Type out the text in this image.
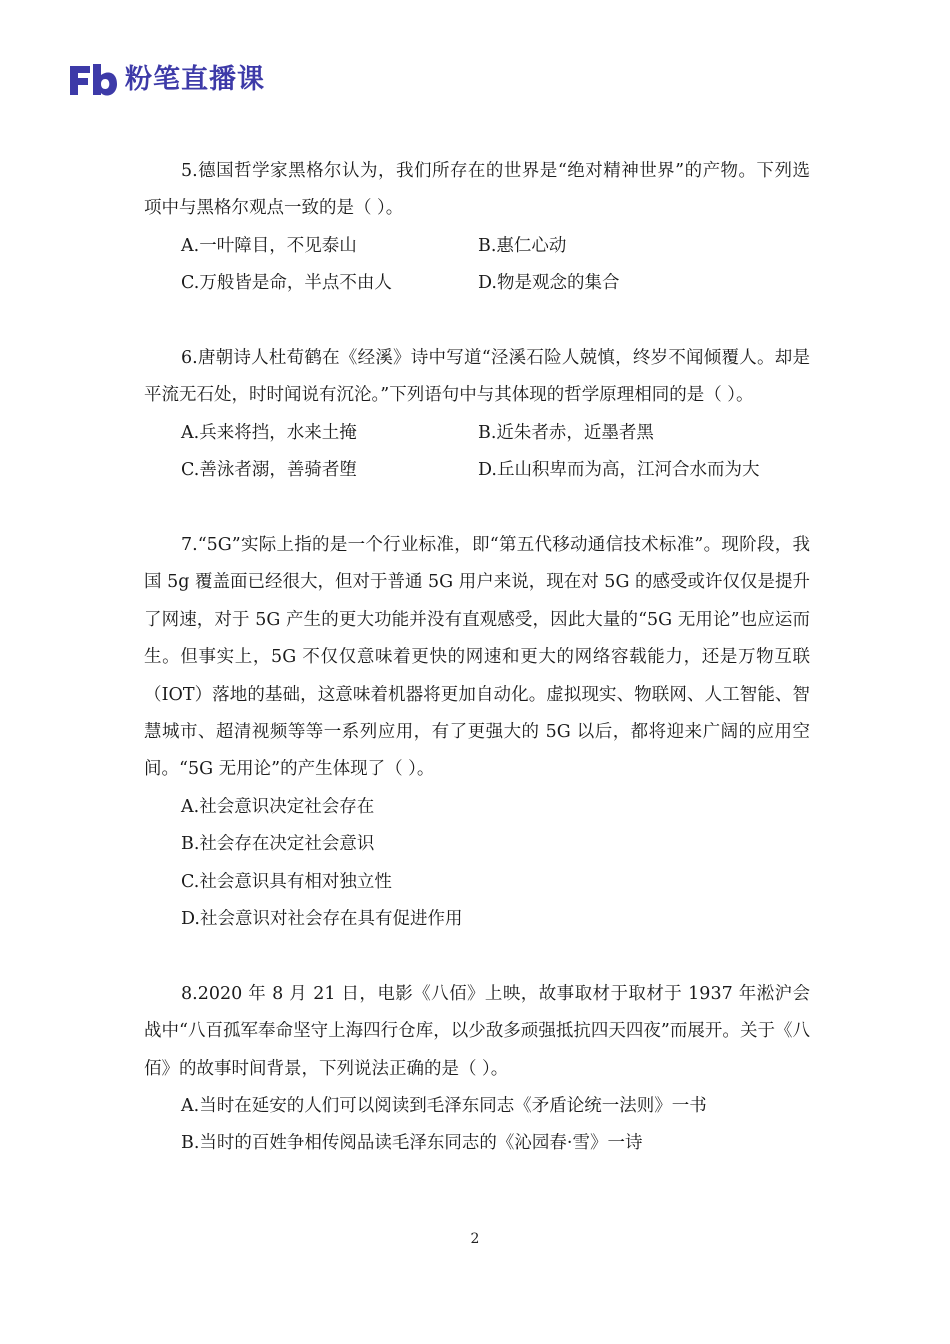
粉笔直播课

5.德国哲学家黑格尔认为，我们所存在的世界是“绝对精神世界”的产物。下列选项中与黑格尔观点一致的是（ ）。

A.一叶障目，不见泰山	B.惠仁心动
C.万般皆是命，半点不由人	D.物是观念的集合

6.唐朝诗人杜荀鹤在《经溪》诗中写道“泾溪石险人兢慎，终岁不闻倾覆人。却是平流无石处，时时闻说有沉沦。”下列语句中与其体现的哲学原理相同的是（ ）。

A.兵来将挡，水来土掩	B.近朱者赤，近墨者黑
C.善泳者溺，善骑者堕	D.丘山积卑而为高，江河合水而为大

7.“5G”实际上指的是一个行业标准，即“第五代移动通信技术标准”。现阶段，我国 5g 覆盖面已经很大，但对于普通 5G 用户来说，现在对 5G 的感受或许仅仅是提升了网速，对于 5G 产生的更大功能并没有直观感受，因此大量的“5G 无用论”也应运而生。但事实上，5G 不仅仅意味着更快的网速和更大的网络容载能力，还是万物互联（IOT）落地的基础，这意味着机器将更加自动化。虚拟现实、物联网、人工智能、智慧城市、超清视频等等一系列应用，有了更强大的 5G 以后，都将迎来广阔的应用空间。“5G 无用论”的产生体现了（ ）。

A.社会意识决定社会存在
B.社会存在决定社会意识
C.社会意识具有相对独立性
D.社会意识对社会存在具有促进作用

8.2020 年 8 月 21 日，电影《八佰》上映，故事取材于取材于 1937 年淞沪会战中“八百孤军奉命坚守上海四行仓库，以少敌多顽强抵抗四天四夜”而展开。关于《八佰》的故事时间背景，下列说法正确的是（ ）。

A.当时在延安的人们可以阅读到毛泽东同志《矛盾论统一法则》一书
B.当时的百姓争相传阅品读毛泽东同志的《沁园春·雪》一诗
2
